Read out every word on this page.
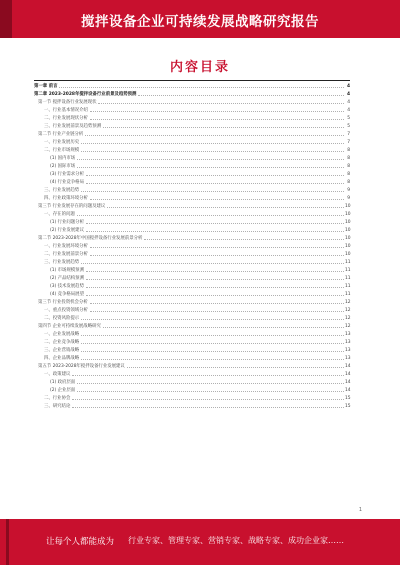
搅拌设备企业可持续发展战略研究报告
内容目录
第一章 前言	4
第二章 2023-2028年搅拌设备行业前景及趋势预测	4
第一节 搅拌设备行业发展现状	4
一、行业基本情况介绍	4
二、行业发展现状分析	5
三、行业发展前景及趋势预测	5
第二节 行业产业链分析	7
一、行业发展历史	7
二、行业市场规模	8
(1) 国内市场	8
(2) 国际市场	8
(3) 行业需求分析	8
(4) 行业竞争格局	8
三、行业发展趋势	9
四、行业政策环境分析	9
第三节 行业发展存在的问题及建议	10
一、存在的问题	10
(1) 行业问题分析	10
(2) 行业发展建议	10
第二节 2023-2028年中国搅拌设备行业发展前景分析	10
一、行业发展环境分析	10
二、行业发展前景分析	10
三、行业发展趋势	11
(1) 市场规模预测	11
(2) 产品结构预测	11
(3) 技术发展趋势	11
(4) 竞争格局展望	11
第三节 行业投资机会分析	12
一、重点投资领域分析	12
二、投资风险提示	12
第四节 企业可持续发展战略研究	12
一、企业发展战略	13
二、企业竞争战略	13
三、企业营销战略	13
四、企业品牌战略	13
第五节 2023-2028年搅拌设备行业发展建议	14
一、政策建议	14
(1) 政府层面	14
(2) 企业层面	14
二、行业协会	15
三、研究结论	15
1
让每个人都能成为 行业专家、管理专家、营销专家、战略专家、成功企业家……
